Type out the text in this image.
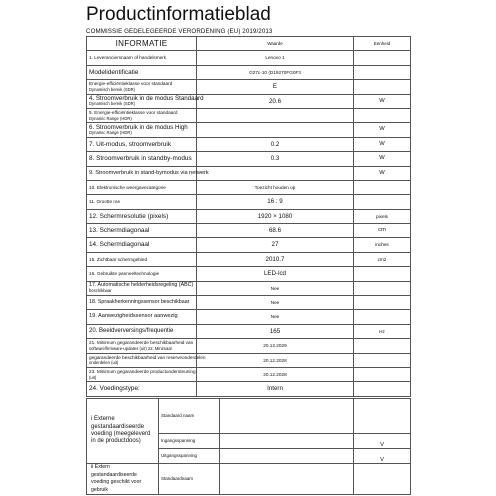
Productinformatieblad
COMMISSIE GEDELEGEERDE VERORDENING (EU) 2019/2013
INFORMATIE	Waarde	Eenheid
1. Leveranciersnaam of handelsmerk	Lenovo 1	
Modelidentificatie	G27c-10 (D19270FG0F3	

Energie-efficiëntieklasse voor standaard
Dynamisch bereik (SDR)	E	

4. Stroomverbruik in de modus Standaard
Dynamisch bereik (SDR)	20.6	W

5. Energie-efficiëntieklasse voor standaard
Dynamic Range (HDR)		

6. Stroomverbruik in de modus High
Dynamic Range (HDR)		W
7. Uit-modus, stroomverbruik	0.2	W
8. Stroomverbruik in standby-modus	0.3	W
9. Stroomverbruik in stand-bymodus via netwerk		W
10. Elektronische weergavecategorie	Toezicht houden op	
11. Grootte ras	16 : 9	
12. Schermresolutie (pixels)	1920 × 1080	pixels
13. Schermdiagonaal	68.6	cm
14. Schermdiagonaal	27	inches
15. Zichtbaar schermgebied	2010.7	cm2
16. Gebruikte panneeltechnologie	LED-lcd	

17. Automatische helderheidsregeling (ABC)
beschikbaar	Nee	
18. Spraakherkenningssensor beschikbaar	Nee	
19. Aanwezigheidssensor aanwezig	Nee	
20. Beeldverversings/frequentie	165	Hz

21. Minimum gegarandeerde beschikbaarheid van
software/firmware-updates (uit) 22. Minimaal	20.12.2029	

gegarandeerde beschikbaarheid van reserveonderdelen
onderdelen (uit)	20.12.2028	

23. Minimum gegarandeerde productondersteuning
(uit)	20.12.2028	
24. Voedingstype:	Intern	
i Externe gestandaardiseerde voeding (meegeleverd in de productdoos)	Standaard naam		
	Ingangsspanning		V
	Uitgangsspanning		V
ii Extern gestandaardiseerde voeding geschikt voor gebruik	Standaardnaam		
